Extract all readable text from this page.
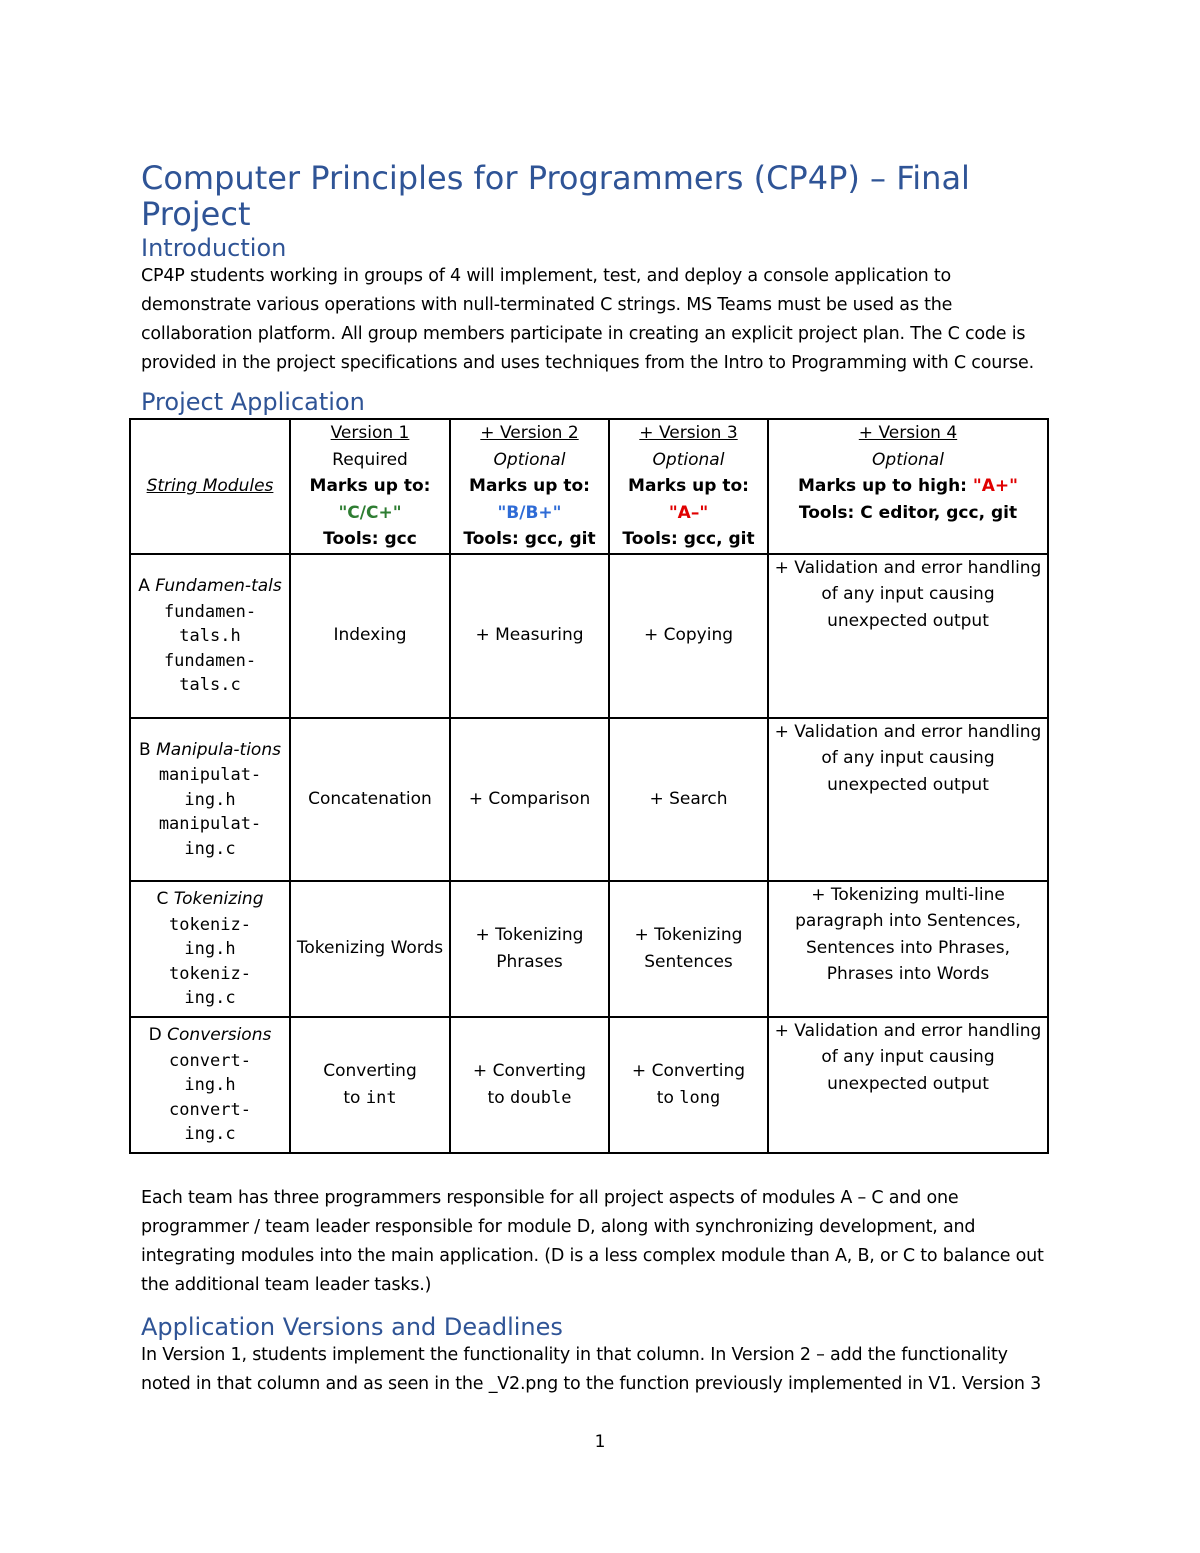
Computer Principles for Programmers (CP4P) – Final Project
Introduction

CP4P students working in groups of 4 will implement, test, and deploy a console application to demonstrate various operations with null-terminated C strings. MS Teams must be used as the collaboration platform. All group members participate in creating an explicit project plan. The C code is provided in the project specifications and uses techniques from the Intro to Programming with C course.

Project Application
String Modules	Version 1
Required
Marks up to:
"C/C+"
Tools: gcc	+ Version 2
Optional
Marks up to:
"B/B+"
Tools: gcc, git	+ Version 3
Optional
Marks up to:
"A–"
Tools: gcc, git	+ Version 4
Optional
Marks up to high: "A+"
Tools: C editor, gcc, git

A Fundamen-tals
fundamen-
tals.h
fundamen-
tals.c	Indexing	+ Measuring	+ Copying	+ Validation and error handling of any input causing unexpected output

B Manipula-tions
manipulat-
ing.h
manipulat-
ing.c	Concatenation	+ Comparison	+ Search	+ Validation and error handling of any input causing unexpected output

C Tokenizing
tokeniz-
ing.h
tokeniz-
ing.c	Tokenizing Words	+ Tokenizing Phrases	+ Tokenizing Sentences	+ Tokenizing multi-line paragraph into Sentences, Sentences into Phrases, Phrases into Words

D Conversions
convert-
ing.h
convert-
ing.c	Converting
to int	+ Converting
to double	+ Converting
to long	+ Validation and error handling of any input causing unexpected output

Each team has three programmers responsible for all project aspects of modules A – C and one programmer / team leader responsible for module D, along with synchronizing development, and integrating modules into the main application. (D is a less complex module than A, B, or C to balance out the additional team leader tasks.)

Application Versions and Deadlines

In Version 1, students implement the functionality in that column. In Version 2 – add the functionality noted in that column and as seen in the _V2.png to the function previously implemented in V1. Version 3

1
